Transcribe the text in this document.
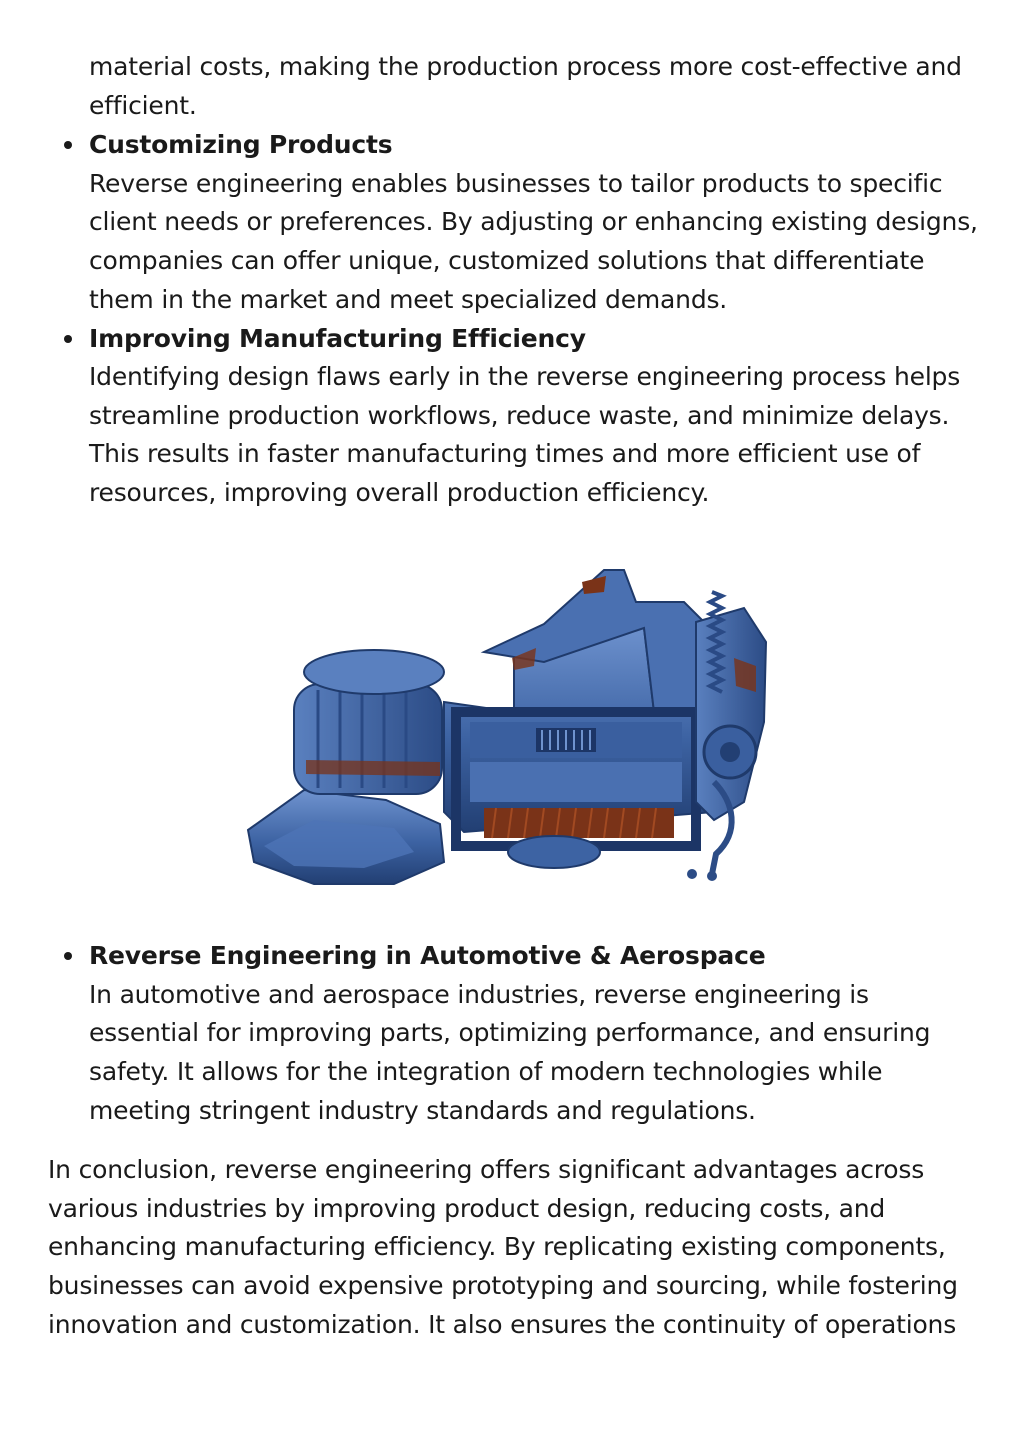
material costs, making the production process more cost-effective and
efficient.
Customizing Products
Reverse engineering enables businesses to tailor products to specific
client needs or preferences. By adjusting or enhancing existing designs,
companies can offer unique, customized solutions that differentiate
them in the market and meet specialized demands.
Improving Manufacturing Efficiency
Identifying design flaws early in the reverse engineering process helps
streamline production workflows, reduce waste, and minimize delays.
This results in faster manufacturing times and more efficient use of
resources, improving overall production efficiency.
Reverse Engineering in Automotive & Aerospace
In automotive and aerospace industries, reverse engineering is
essential for improving parts, optimizing performance, and ensuring
safety. It allows for the integration of modern technologies while
meeting stringent industry standards and regulations.
In conclusion, reverse engineering offers significant advantages across
various industries by improving product design, reducing costs, and
enhancing manufacturing efficiency. By replicating existing components,
businesses can avoid expensive prototyping and sourcing, while fostering
innovation and customization. It also ensures the continuity of operations
